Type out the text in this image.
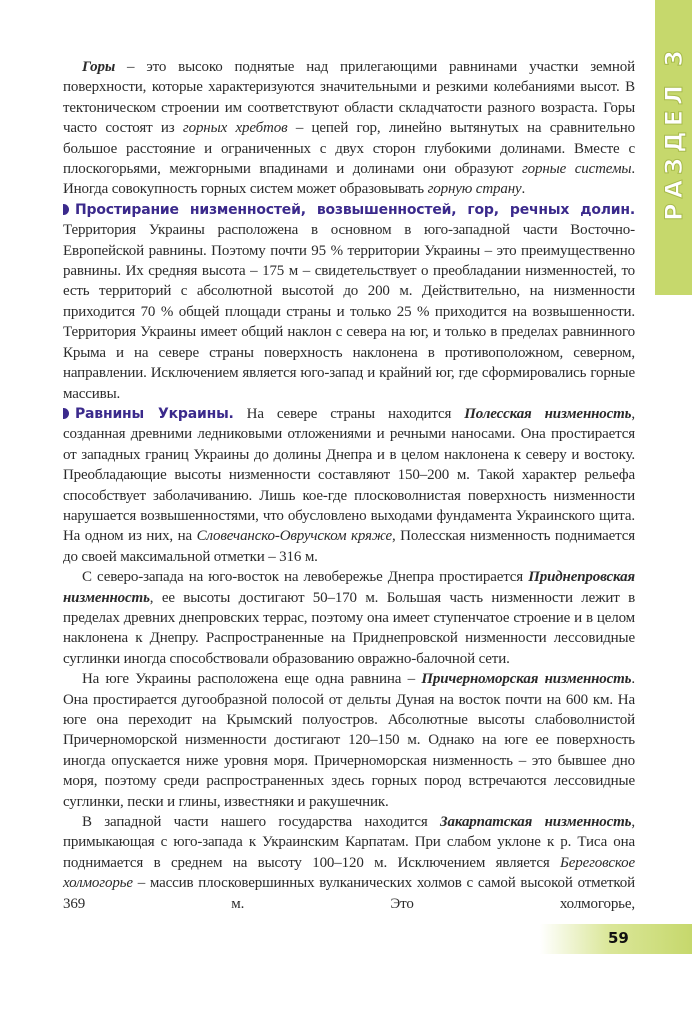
РАЗДЕЛ 3

Горы – это высоко поднятые над прилегающими равнинами участки земной поверхности, которые характеризуются значительными и резкими колебаниями высот. В тектоническом строении им соответствуют области складчатости разного возраста. Горы часто состоят из горных хребтов – цепей гор, линейно вытянутых на сравнительно большое расстояние и ограниченных с двух сторон глубокими долинами. Вместе с плоскогорьями, межгорными впадинами и долинами они образуют горные системы. Иногда совокупность горных систем может образовывать горную страну.

Простирание низменностей, возвышенностей, гор, речных долин. Территория Украины расположена в основном в юго-западной части Восточно-Европейской равнины. Поэтому почти 95 % территории Украины – это преимущественно равнины. Их средняя высота – 175 м – свидетельствует о преобладании низменностей, то есть территорий с абсолютной высотой до 200 м. Действительно, на низменности приходится 70 % общей площади страны и только 25 % приходится на возвышенности. Территория Украины имеет общий наклон с севера на юг, и только в пределах равнинного Крыма и на севере страны поверхность наклонена в противоположном, северном, направлении. Исключением является юго-запад и крайний юг, где сформировались горные массивы.

Равнины Украины. На севере страны находится Полесская низменность, созданная древними ледниковыми отложениями и речными наносами. Она простирается от западных границ Украины до долины Днепра и в целом наклонена к северу и востоку. Преобладающие высоты низменности составляют 150–200 м. Такой характер рельефа способствует заболачиванию. Лишь кое-где плосковолнистая поверхность низменности нарушается возвышенностями, что обусловлено выходами фундамента Украинского щита. На одном из них, на Словечанско-Овручском кряже, Полесская низменность поднимается до своей максимальной отметки – 316 м.

С северо-запада на юго-восток на левобережье Днепра простирается Приднепровская низменность, ее высоты достигают 50–170 м. Большая часть низменности лежит в пределах древних днепровских террас, поэтому она имеет ступенчатое строение и в целом наклонена к Днепру. Распространенные на Приднепровской низменности лессовидные суглинки иногда способствовали образованию овражно-балочной сети.

На юге Украины расположена еще одна равнина – Причерноморская низменность. Она простирается дугообразной полосой от дельты Дуная на восток почти на 600 км. На юге она переходит на Крымский полуостров. Абсолютные высоты слабоволнистой Причерноморской низменности достигают 120–150 м. Однако на юге ее поверхность иногда опускается ниже уровня моря. Причерноморская низменность – это бывшее дно моря, поэтому среди распространенных здесь горных пород встречаются лессовидные суглинки, пески и глины, известняки и ракушечник.

В западной части нашего государства находится Закарпатская низменность, примыкающая с юго-запада к Украинским Карпатам. При слабом уклоне к р. Тиса она поднимается в среднем на высоту 100–120 м. Исключением является Береговское холмогорье – массив плосковершинных вулканических холмов с самой высокой отметкой 369 м. Это холмогорье,

59
